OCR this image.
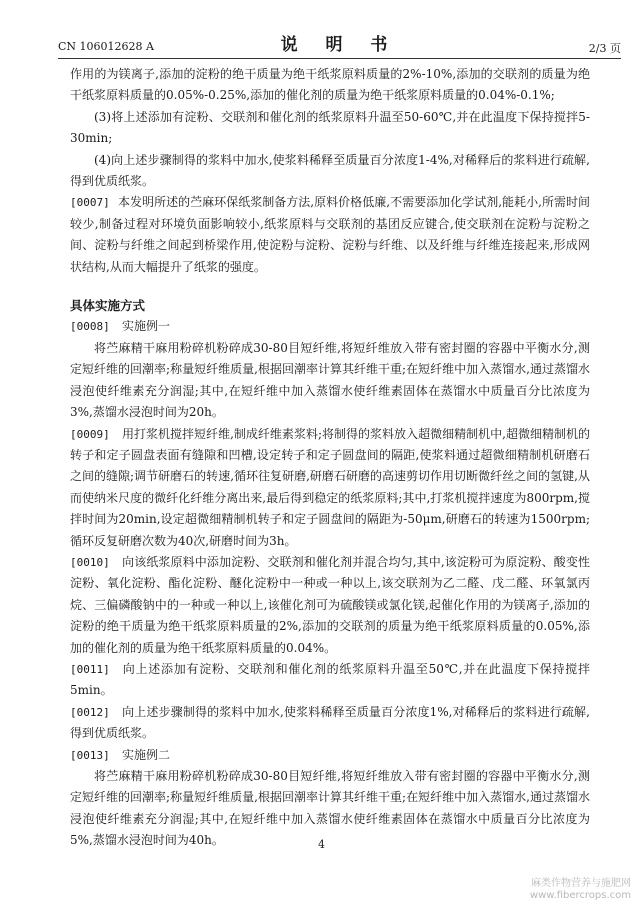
CN 106012628 A	说 明 书	2/3 页
作用的为镁离子,添加的淀粉的绝干质量为绝干纸浆原料质量的2%-10%,添加的交联剂的质量为绝干纸浆原料质量的0.05%-0.25%,添加的催化剂的质量为绝干纸浆原料质量的0.04%-0.1%;
(3)将上述添加有淀粉、交联剂和催化剂的纸浆原料升温至50-60℃,并在此温度下保持搅拌5-30min;
(4)向上述步骤制得的浆料中加水,使浆料稀释至质量百分浓度1-4%,对稀释后的浆料进行疏解,得到优质纸浆。
[0007] 本发明所述的苎麻环保纸浆制备方法,原料价格低廉,不需要添加化学试剂,能耗小,所需时间较少,制备过程对环境负面影响较小,纸浆原料与交联剂的基团反应键合,使交联剂在淀粉与淀粉之间、淀粉与纤维之间起到桥梁作用,使淀粉与淀粉、淀粉与纤维、以及纤维与纤维连接起来,形成网状结构,从而大幅提升了纸浆的强度。
具体实施方式
[0008] 实施例一
将苎麻精干麻用粉碎机粉碎成30-80目短纤维,将短纤维放入带有密封圈的容器中平衡水分,测定短纤维的回潮率;称量短纤维质量,根据回潮率计算其纤维干重;在短纤维中加入蒸馏水,通过蒸馏水浸泡使纤维素充分润湿;其中,在短纤维中加入蒸馏水使纤维素固体在蒸馏水中质量百分比浓度为3%,蒸馏水浸泡时间为20h。
[0009] 用打浆机搅拌短纤维,制成纤维素浆料;将制得的浆料放入超微细精制机中,超微细精制机的转子和定子圆盘表面有缝隙和凹槽,设定转子和定子圆盘间的隔距,使浆料通过超微细精制机研磨石之间的缝隙;调节研磨石的转速,循环往复研磨,研磨石研磨的高速剪切作用切断微纤丝之间的氢键,从而使纳米尺度的微纤化纤维分离出来,最后得到稳定的纸浆原料;其中,打浆机搅拌速度为800rpm,搅拌时间为20min,设定超微细精制机转子和定子圆盘间的隔距为-50μm,研磨石的转速为1500rpm;循环反复研磨次数为40次,研磨时间为3h。
[0010] 向该纸浆原料中添加淀粉、交联剂和催化剂并混合均匀,其中,该淀粉可为原淀粉、酸变性淀粉、氧化淀粉、酯化淀粉、醚化淀粉中一种或一种以上,该交联剂为乙二醛、戊二醛、环氧氯丙烷、三偏磷酸钠中的一种或一种以上,该催化剂可为硫酸镁或氯化镁,起催化作用的为镁离子,添加的淀粉的绝干质量为绝干纸浆原料质量的2%,添加的交联剂的质量为绝干纸浆原料质量的0.05%,添加的催化剂的质量为绝干纸浆原料质量的0.04%。
[0011] 向上述添加有淀粉、交联剂和催化剂的纸浆原料升温至50℃,并在此温度下保持搅拌5min。
[0012] 向上述步骤制得的浆料中加水,使浆料稀释至质量百分浓度1%,对稀释后的浆料进行疏解,得到优质纸浆。
[0013] 实施例二
将苎麻精干麻用粉碎机粉碎成30-80目短纤维,将短纤维放入带有密封圈的容器中平衡水分,测定短纤维的回潮率;称量短纤维质量,根据回潮率计算其纤维干重;在短纤维中加入蒸馏水,通过蒸馏水浸泡使纤维素充分润湿;其中,在短纤维中加入蒸馏水使纤维素固体在蒸馏水中质量百分比浓度为5%,蒸馏水浸泡时间为40h。	4
麻类作物营养与施肥网
www.fibercrops.com
